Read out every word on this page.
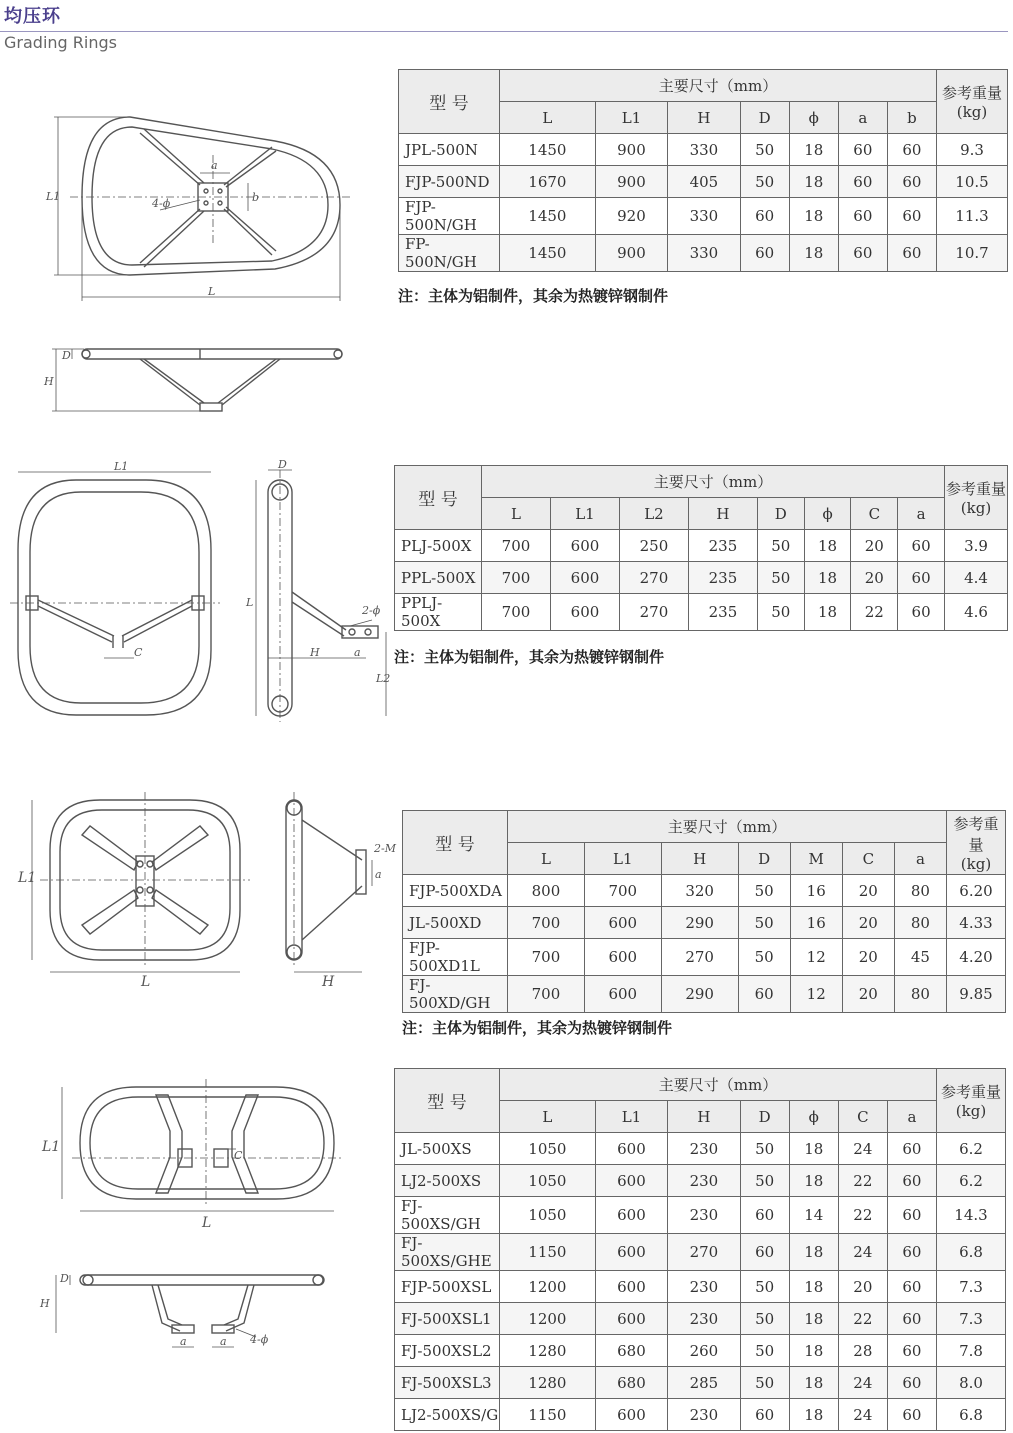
均压环
Grading Rings
L1
L
a
b
4-ϕ
D
H
型 号	主要尺寸（mm）							参考重量
(kg)

	L	L1	H	D	ϕ	a	b	
JPL-500N	1450	900	330	50	18	60	60	9.3
FJP-500ND	1670	900	405	50	18	60	60	10.5
FJP-500N/GH	1450	920	330	60	18	60	60	11.3
FP-500N/GH	1450	900	330	60	18	60	60	10.7
注：主体为铝制件，其余为热镀锌钢制件
L1
C
D
L
H	a
2-ϕ
L2
型 号	主要尺寸（mm）								参考重量
(kg)

	L	L1	L2	H	D	ϕ	C	a	
PLJ-500X	700	600	250	235	50	18	20	60	3.9
PPL-500X	700	600	270	235	50	18	20	60	4.4
PPLJ-500X	700	600	270	235	50	18	22	60	4.6
注：主体为铝制件，其余为热镀锌钢制件
L1
L	H
a
2-M 型 号	主要尺寸（mm）							参考重量
(kg)

	L	L1	H	D	M	C	a	
FJP-500XDA	800	700	320	50	16	20	80	6.20
JL-500XD	700	600	290	50	16	20	80	4.33
FJP-500XD1L	700	600	270	50	12	20	45	4.20
FJ-500XD/GH	700	600	290	60	12	20	80	9.85
注：主体为铝制件，其余为热镀锌钢制件
L1
L
D
H
a	a 4-ϕ
C
型 号	主要尺寸（mm）							参考重量
(kg)

	L	L1	H	D	ϕ	C	a	
JL-500XS	1050	600	230	50	18	24	60	6.2
LJ2-500XS	1050	600	230	50	18	22	60	6.2
FJ-500XS/GH	1050	600	230	60	14	22	60	14.3
FJ-500XS/GHE	1150	600	270	60	18	24	60	6.8
FJP-500XSL	1200	600	230	50	18	20	60	7.3
FJ-500XSL1	1200	600	230	50	18	22	60	7.3
FJ-500XSL2	1280	680	260	50	18	28	60	7.8
FJ-500XSL3	1280	680	285	50	18	24	60	8.0
LJ2-500XS/G	1150	600	230	60	18	24	60	6.8
